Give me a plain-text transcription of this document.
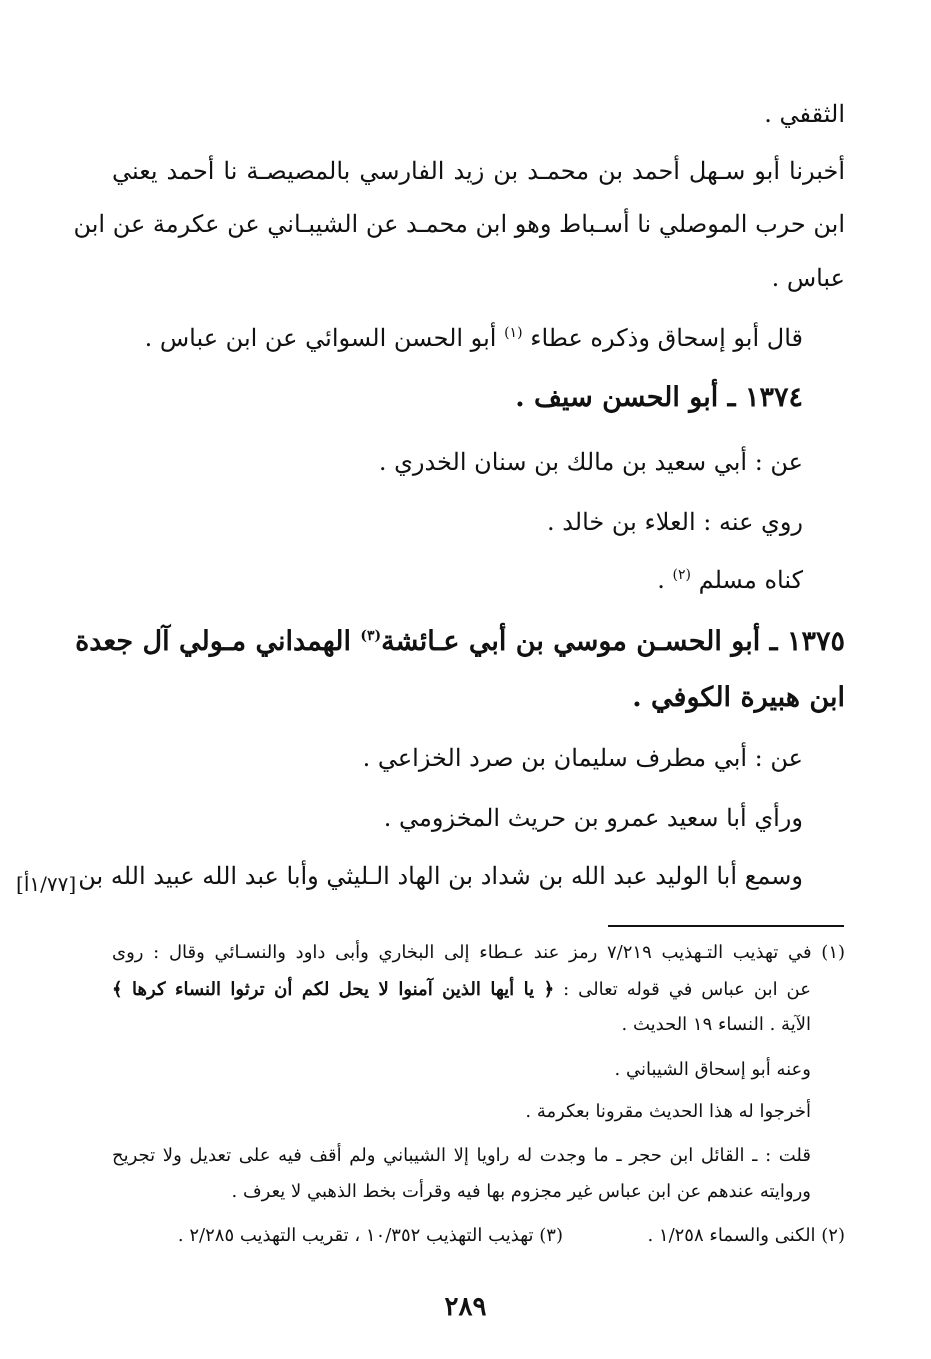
الثقفي .
أخبرنا أبو سـهل أحمد بن محمـد بن زيد الفارسي بالمصيصـة نا أحمد يعني
ابن حرب الموصلي نا أسـباط وهو ابن محمـد عن الشيبـاني عن عكرمة عن ابن
عباس .
قال أبو إسحاق وذكره عطاء $^{(١)}$ أبو الحسن السوائي عن ابن عباس .
١٣٧٤ ـ أبو الحسن سيف .
عن : أبي سعيد بن مالك بن سنان الخدري .
روي عنه : العلاء بن خالد .
كناه مسلم $^{(٢)}$ .
١٣٧٥ ـ أبو الحسـن موسي بن أبي عـائشة$^{(٣)}$ الهمداني مـولي آل جعدة
ابن هبيرة الكوفي .
عن : أبي مطرف سليمان بن صرد الخزاعي .
ورأي أبا سعيد عمرو بن حريث المخزومي .
وسمع أبا الوليد عبد الله بن شداد بن الهاد الـليثي وأبا عبد الله عبيد الله بن
[١/٧٧أ]
(١) في تهذيب التـهذيب ٧/٢١٩ رمز عند عـطاء إلى البخاري وأبى داود والنسـائي وقال : روى
عن ابن عباس في قوله تعالى : ﴿ يا أيها الذين آمنوا لا يحل لكم أن ترثوا النساء كرها ﴾
الآية . النساء ١٩ الحديث .
وعنه أبو إسحاق الشيباني .
أخرجوا له هذا الحديث مقرونا بعكرمة .
قلت : ـ القائل ابن حجر ـ ما وجدت له راويا إلا الشيباني ولم أقف فيه على تعديل ولا تجريح
وروايته عندهم عن ابن عباس غير مجزوم بها فيه وقرأت بخط الذهبي لا يعرف .
(٢) الكنى والسماء ١/٢٥٨ .
(٣) تهذيب التهذيب ١٠/٣٥٢ ، تقريب التهذيب ٢/٢٨٥ .
٢٨٩
